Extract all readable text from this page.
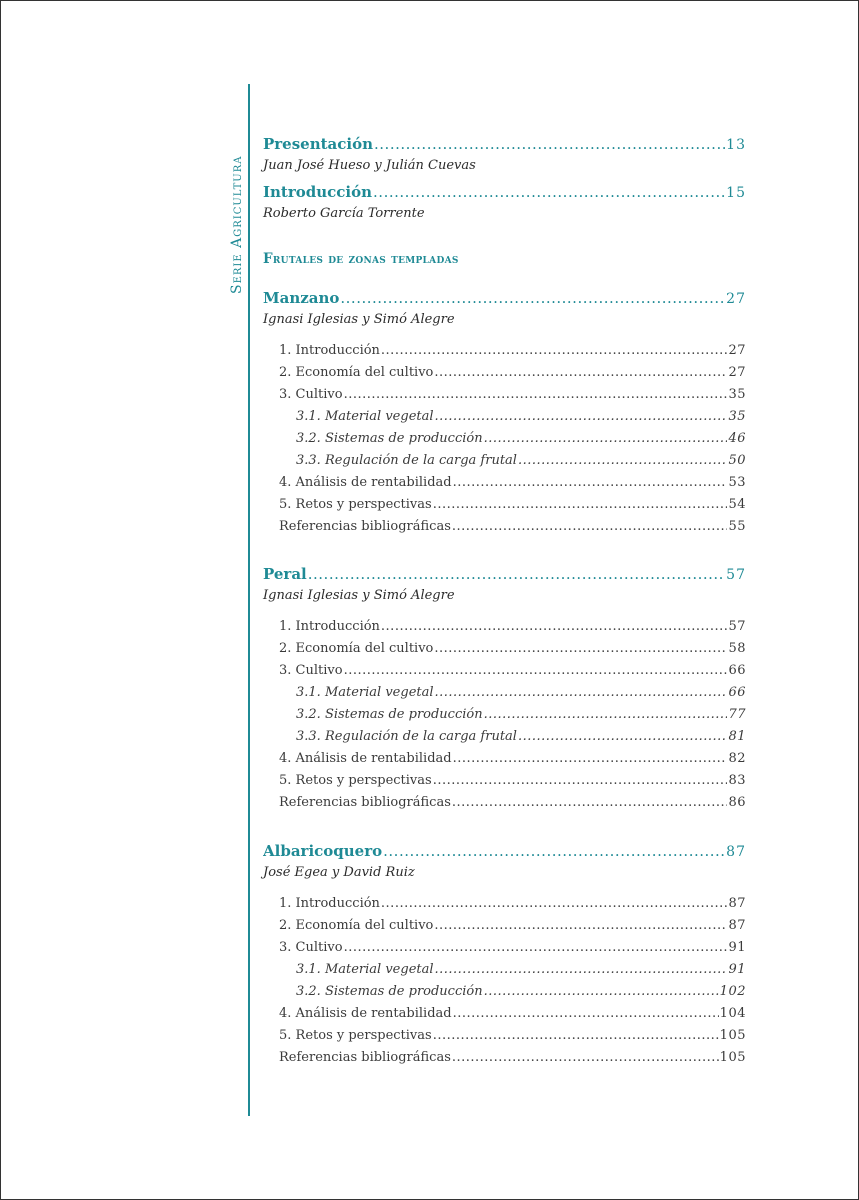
Serie Agricultura
Presentación .....	13
Juan José Hueso y Julián Cuevas
Introducción .....	15
Roberto García Torrente
Frutales de zonas templadas
Manzano .....	27
Ignasi Iglesias y Simó Alegre
1. Introducción .....	27
2. Economía del cultivo .....	27
3. Cultivo .....	35
3.1. Material vegetal .....	35
3.2. Sistemas de producción .....	46
3.3. Regulación de la carga frutal .....	50
4. Análisis de rentabilidad .....	53
5. Retos y perspectivas .....	54
Referencias bibliográficas .....	55
Peral .....	57
Ignasi Iglesias y Simó Alegre
1. Introducción .....	57
2. Economía del cultivo .....	58
3. Cultivo .....	66
3.1. Material vegetal .....	66
3.2. Sistemas de producción .....	77
3.3. Regulación de la carga frutal .....	81
4. Análisis de rentabilidad .....	82
5. Retos y perspectivas .....	83
Referencias bibliográficas .....	86
Albaricoquero .....	87
José Egea y David Ruiz
1. Introducción .....	87
2. Economía del cultivo .....	87
3. Cultivo .....	91
3.1. Material vegetal .....	91
3.2. Sistemas de producción .....	102
4. Análisis de rentabilidad .....	104
5. Retos y perspectivas .....	105
Referencias bibliográficas .....	105
